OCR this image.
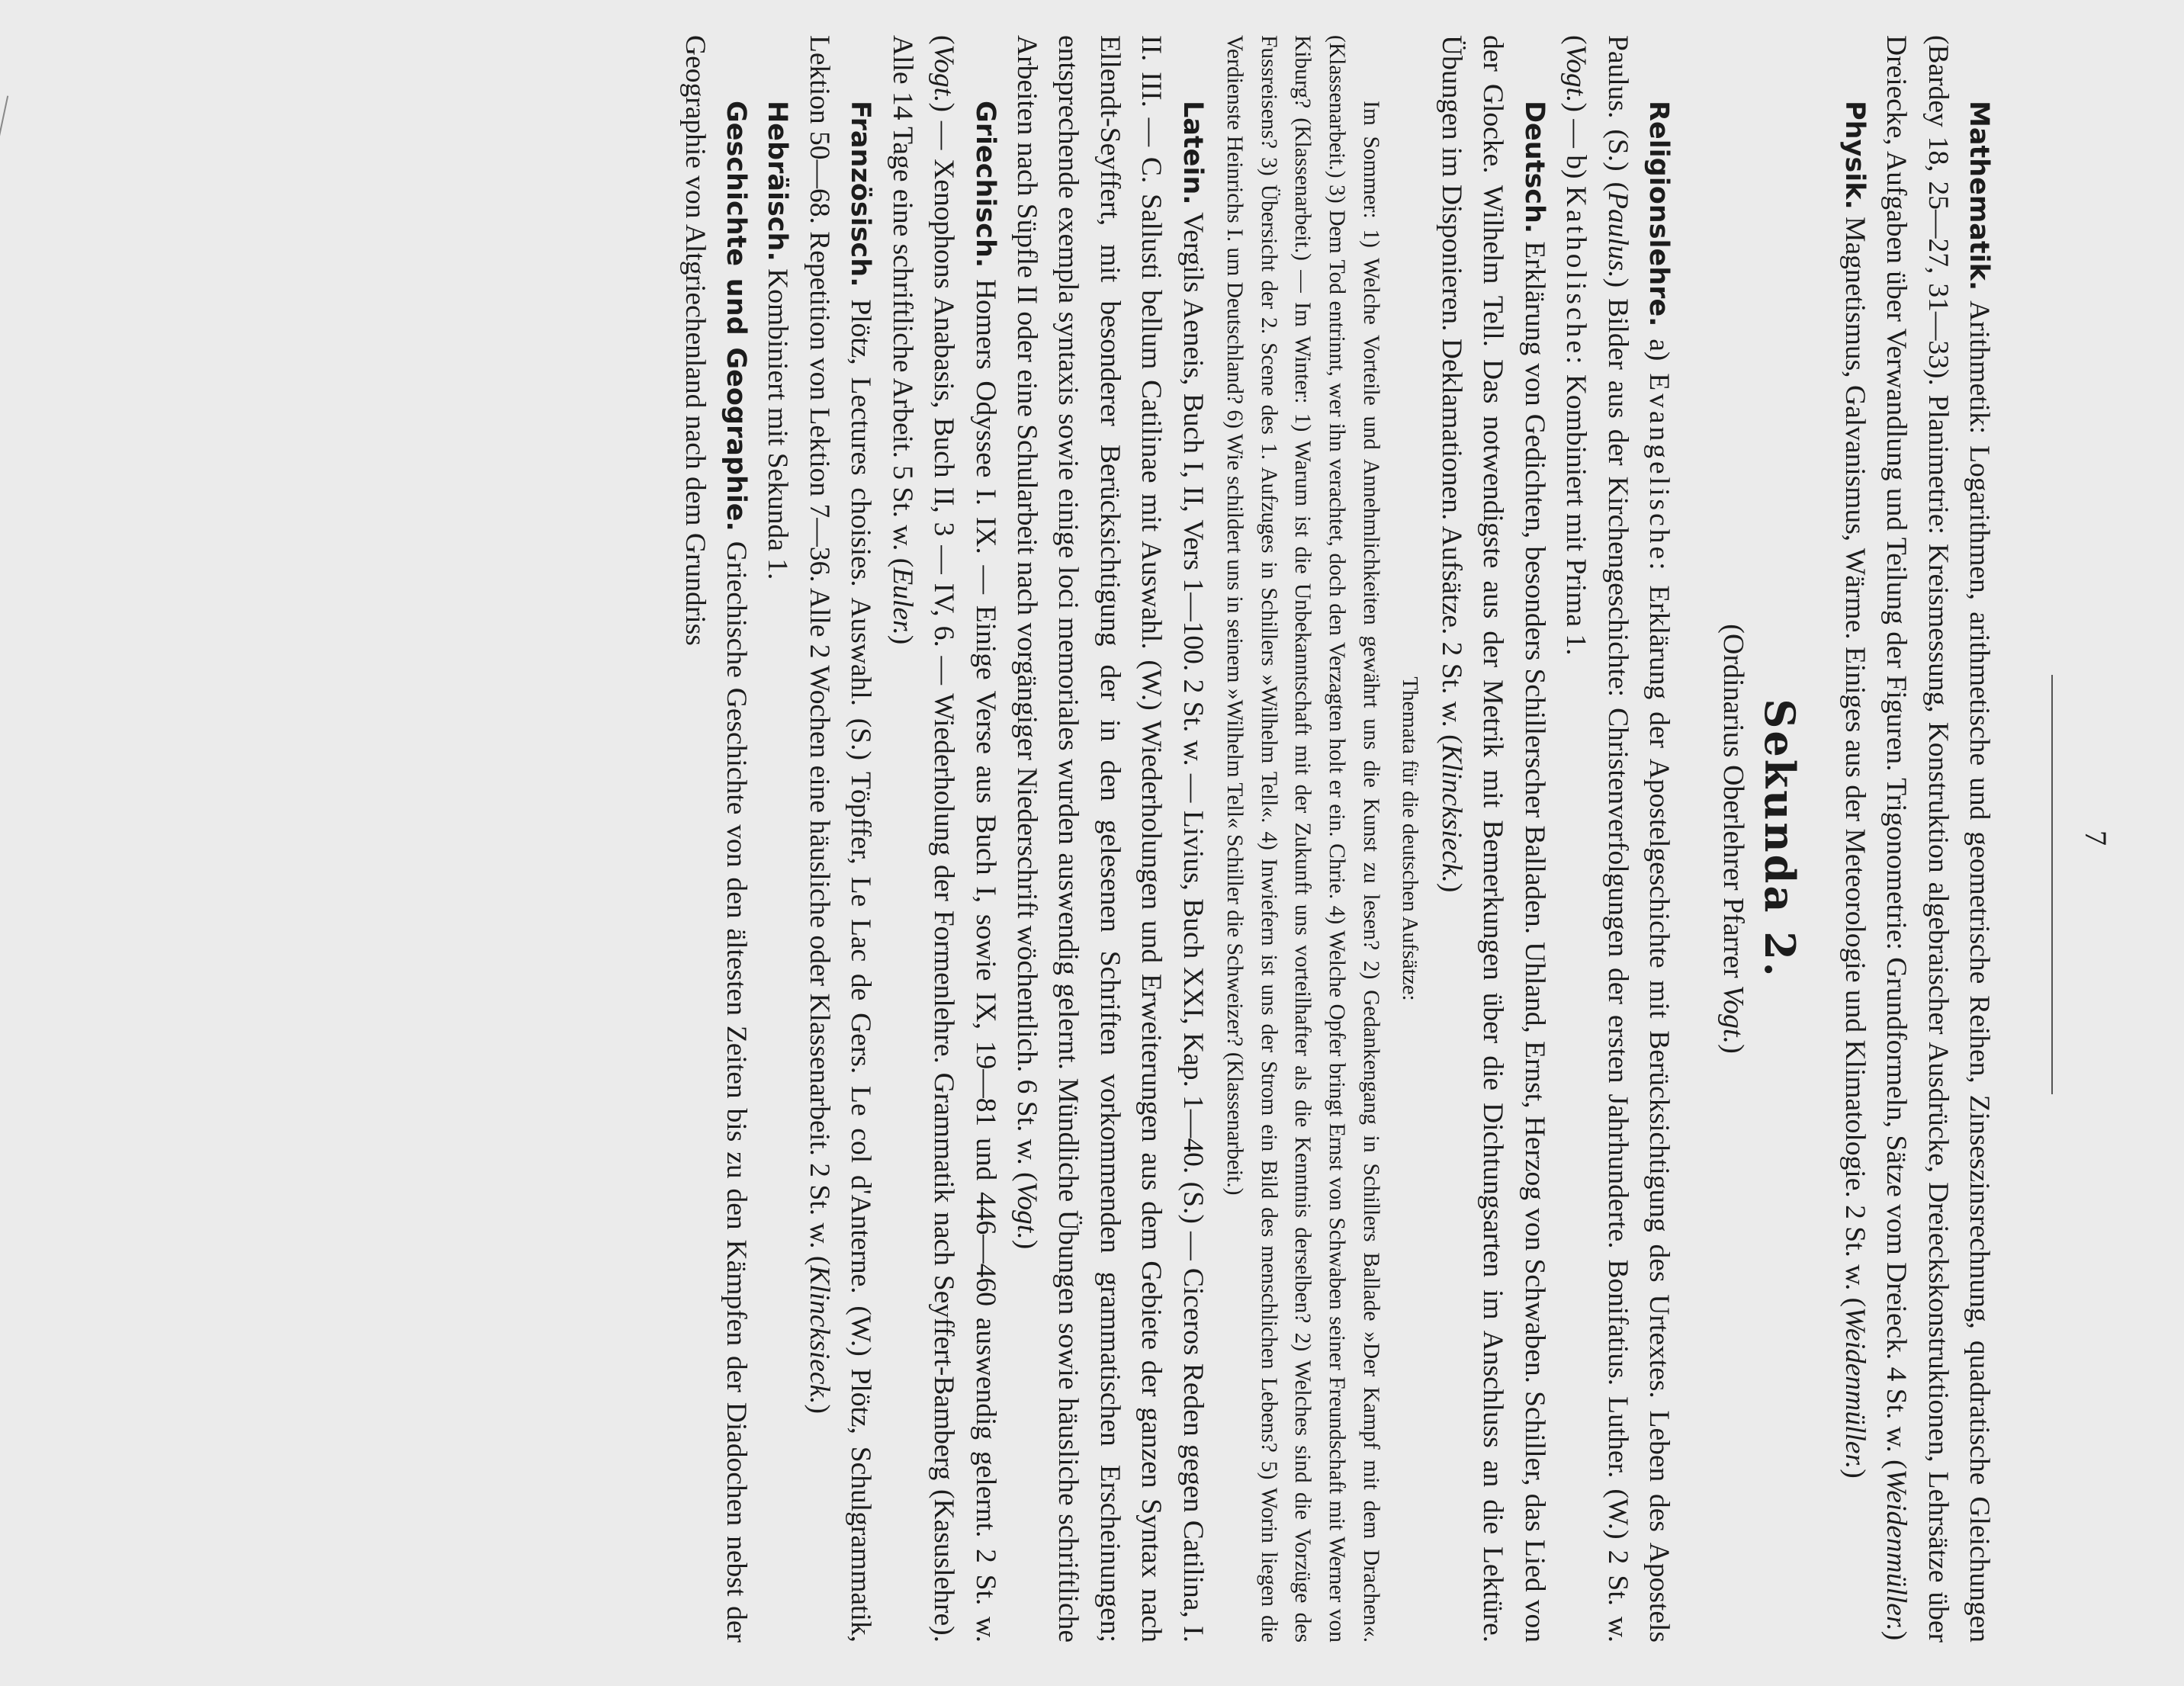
7

Mathematik. Arithmetik: Logarithmen, arithmetische und geometrische Reihen, Zinseszinsrechnung, quadratische Gleichungen (Bardey 18, 25—27, 31—33). Planimetrie: Kreismessung, Konstruktion algebraischer Ausdrücke, Dreieckskonstruktionen, Lehrsätze über Dreiecke, Aufgaben über Verwandlung und Teilung der Figuren. Trigonometrie: Grundformeln, Sätze vom Dreieck. 4 St. w. (Weidenmüller.)

Physik. Magnetismus, Galvanismus, Wärme. Einiges aus der Meteorologie und Klimatologie. 2 St. w. (Weidenmüller.)

Sekunda 2.
(Ordinarius Oberlehrer Pfarrer Vogt.)

Religionslehre. a) Evangelische: Erklärung der Apostelgeschichte mit Berücksichtigung des Urtextes. Leben des Apostels Paulus. (S.) (Paulus.) Bilder aus der Kirchengeschichte: Christenverfolgungen der ersten Jahrhunderte. Bonifatius. Luther. (W.) 2 St. w. (Vogt.) — b) Katholische: Kombiniert mit Prima 1.

Deutsch. Erklärung von Gedichten, besonders Schillerscher Balladen. Uhland, Ernst, Herzog von Schwaben. Schiller, das Lied von der Glocke. Wilhelm Tell. Das notwendigste aus der Metrik mit Bemerkungen über die Dichtungsarten im Anschluss an die Lektüre. Übungen im Disponieren. Deklamationen. Aufsätze. 2 St. w. (Klincksieck.)

Themata für die deutschen Aufsätze:
Im Sommer: 1) Welche Vorteile und Annehmlichkeiten gewährt uns die Kunst zu lesen? 2) Gedankengang in Schillers Ballade »Der Kampf mit dem Drachen«. (Klassenarbeit.) 3) Dem Tod entrinnt, wer ihn verachtet, doch den Verzagten holt er ein. Chrie. 4) Welche Opfer bringt Ernst von Schwaben seiner Freundschaft mit Werner von Kiburg? (Klassenarbeit.) — Im Winter: 1) Warum ist die Unbekanntschaft mit der Zukunft uns vorteilhafter als die Kenntnis derselben? 2) Welches sind die Vorzüge des Fussreisens? 3) Übersicht der 2. Scene des 1. Aufzuges in Schillers »Wilhelm Tell«. 4) Inwiefern ist uns der Strom ein Bild des menschlichen Lebens? 5) Worin liegen die Verdienste Heinrichs I. um Deutschland? 6) Wie schildert uns in seinem »Wilhelm Tell« Schiller die Schweizer? (Klassenarbeit.)

Latein. Vergils Aeneis, Buch I, II, Vers 1—100. 2 St. w. — Livius, Buch XXI, Kap. 1—40. (S.) — Ciceros Reden gegen Catilina, I. II. III. — C. Sallusti bellum Catilinae mit Auswahl. (W.) Wiederholungen und Erweiterungen aus dem Gebiete der ganzen Syntax nach Ellendt-Seyffert, mit besonderer Berücksichtigung der in den gelesenen Schriften vorkommenden grammatischen Erscheinungen; entsprechende exempla syntaxis sowie einige loci memoriales wurden auswendig gelernt. Mündliche Übungen sowie häusliche schriftliche Arbeiten nach Süpfle II oder eine Schularbeit nach vorgängiger Niederschrift wöchentlich. 6 St. w. (Vogt.)

Griechisch. Homers Odyssee I. IX. — Einige Verse aus Buch I, sowie IX, 19—81 und 446—460 auswendig gelernt. 2 St. w. (Vogt.) — Xenophons Anabasis, Buch II, 3 — IV, 6. — Wiederholung der Formenlehre. Grammatik nach Seyffert-Bamberg (Kasuslehre). Alle 14 Tage eine schriftliche Arbeit. 5 St. w. (Euler.)

Französisch. Plötz, Lectures choisies. Auswahl. (S.) Töpffer, Le Lac de Gers. Le col d'Anterne. (W.) Plötz, Schulgrammatik, Lektion 50—68. Repetition von Lektion 7—36. Alle 2 Wochen eine häusliche oder Klassenarbeit. 2 St. w. (Klincksieck.)

Hebräisch. Kombiniert mit Sekunda 1.

Geschichte und Geographie. Griechische Geschichte von den ältesten Zeiten bis zu den Kämpfen der Diadochen nebst der Geographie von Altgriechenland nach dem Grundriss
